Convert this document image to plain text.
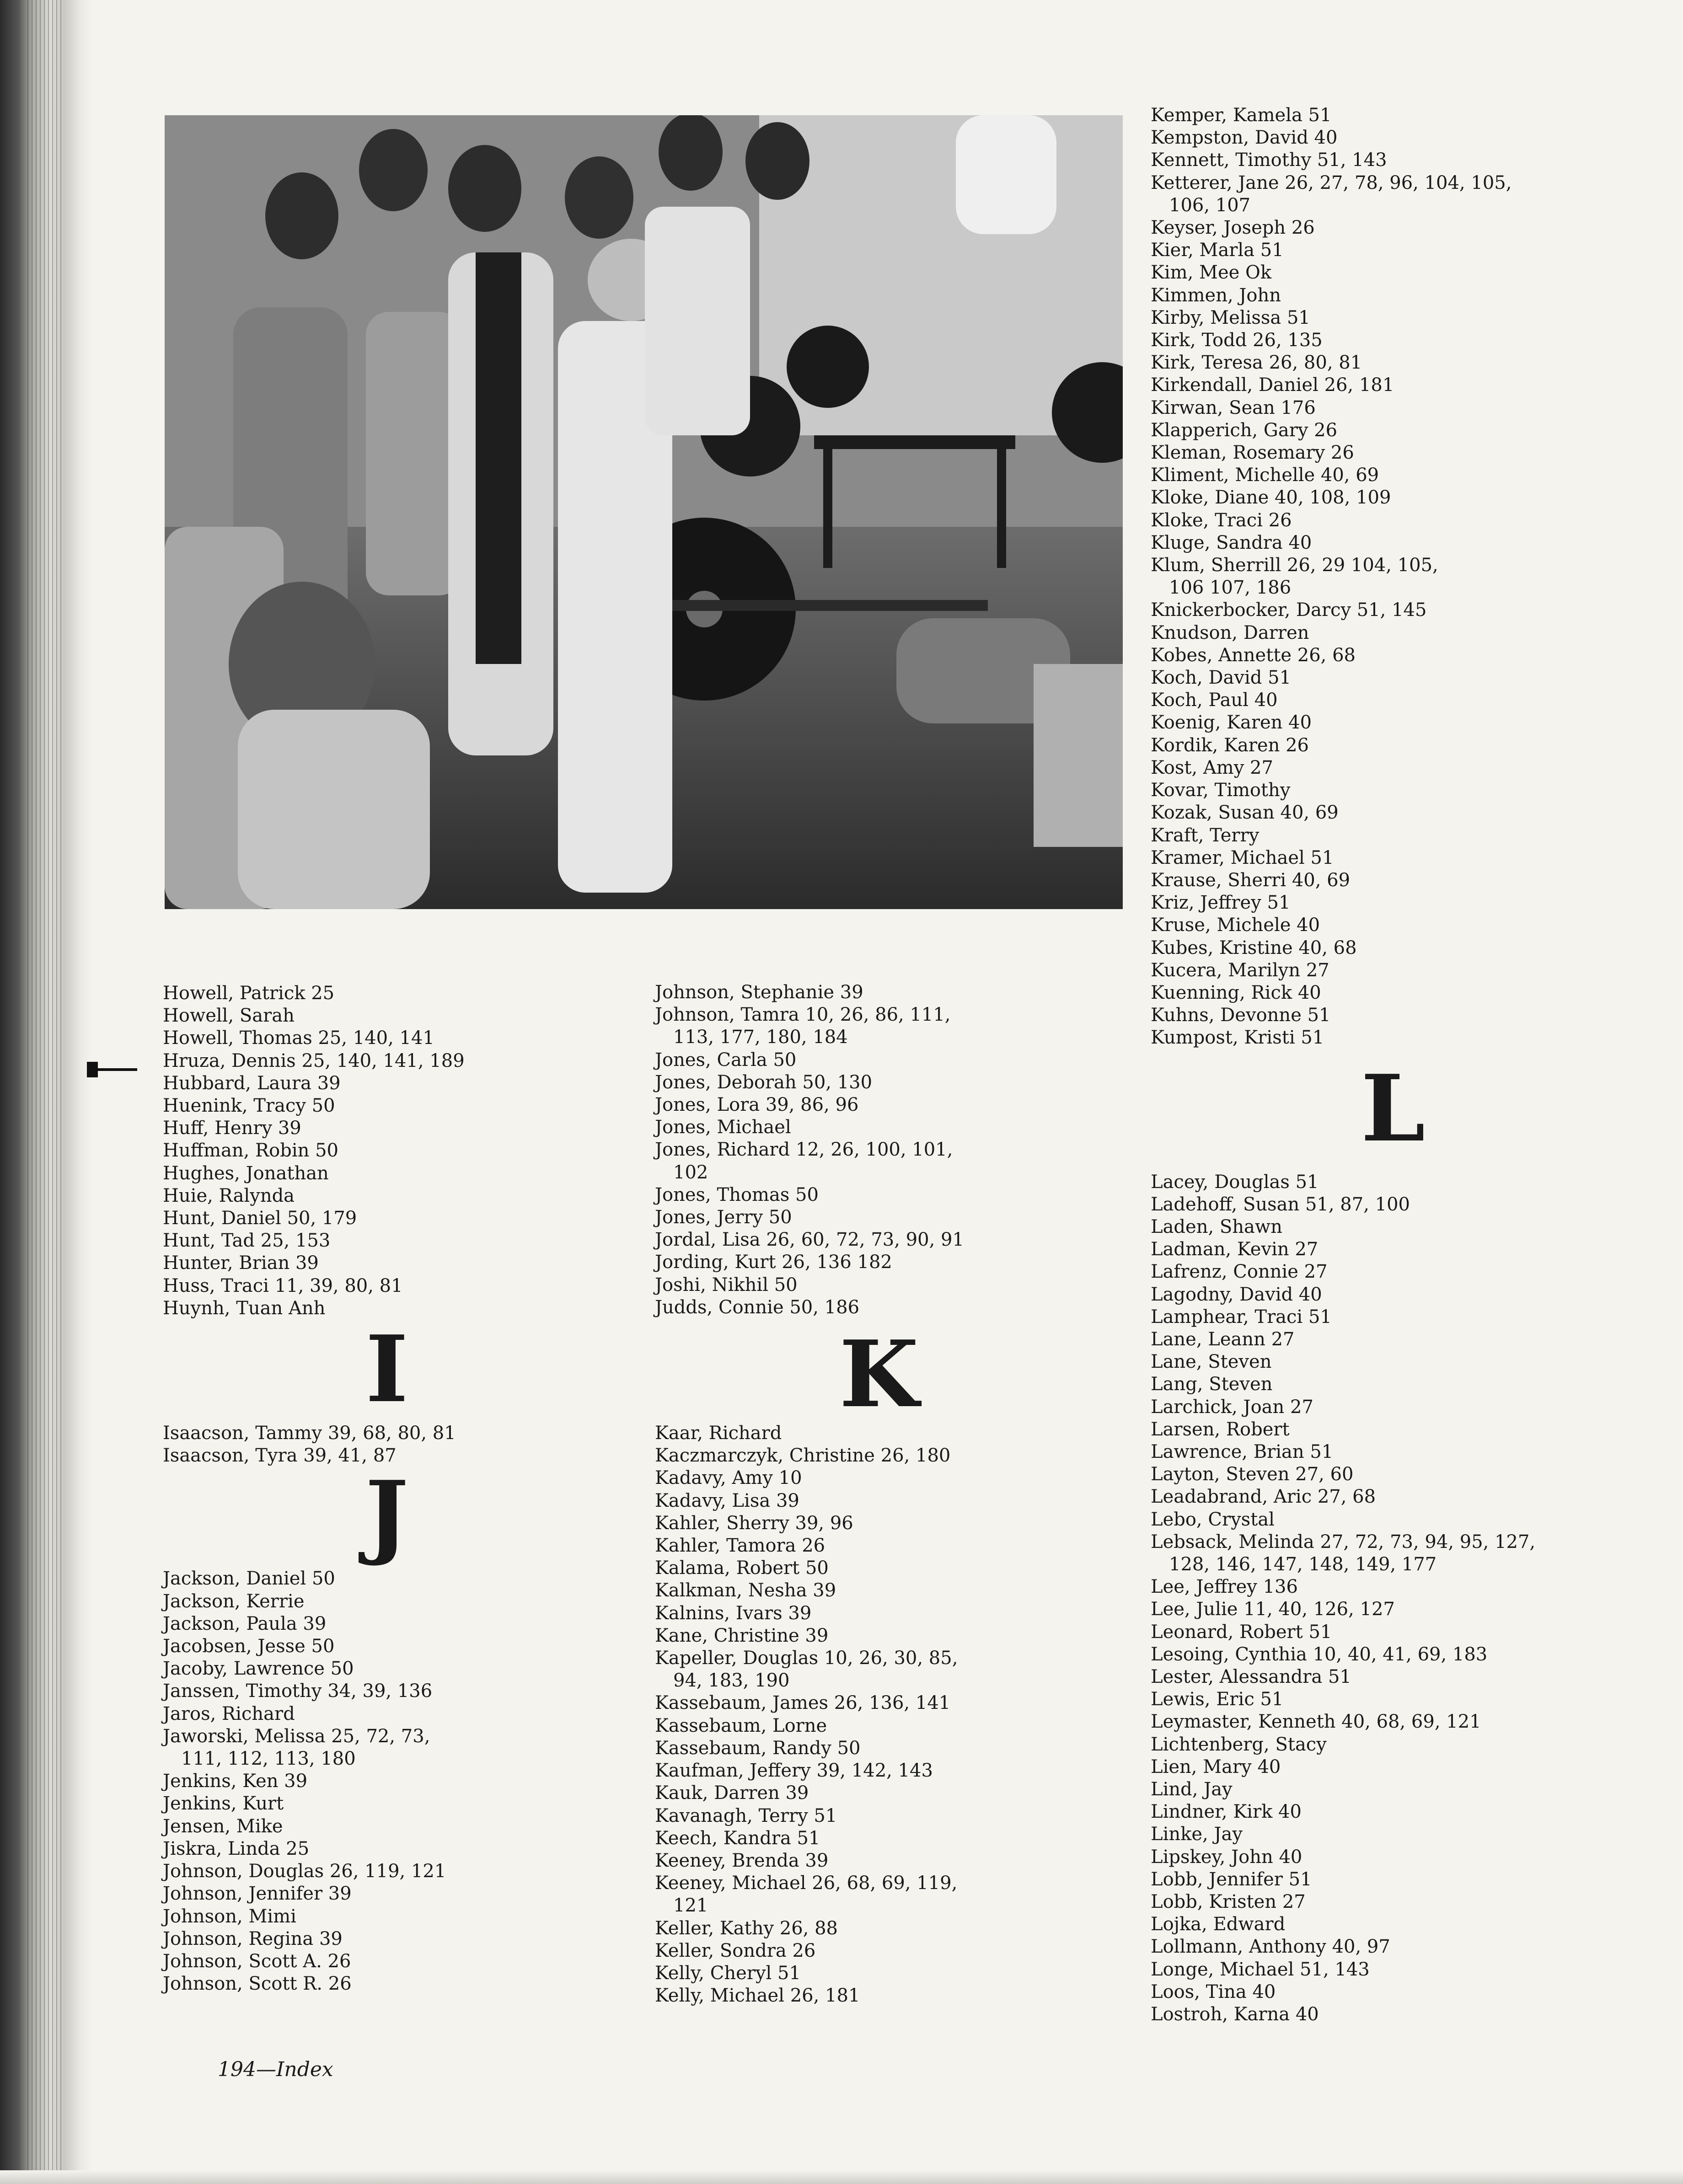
Howell, Patrick 25
Howell, Sarah
Howell, Thomas 25, 140, 141
Hruza, Dennis 25, 140, 141, 189
Hubbard, Laura 39
Huenink, Tracy 50
Huff, Henry 39
Huffman, Robin 50
Hughes, Jonathan
Huie, Ralynda
Hunt, Daniel 50, 179
Hunt, Tad 25, 153
Hunter, Brian 39
Huss, Traci 11, 39, 80, 81
Huynh, Tuan Anh
I
Isaacson, Tammy 39, 68, 80, 81
Isaacson, Tyra 39, 41, 87
J
Jackson, Daniel 50
Jackson, Kerrie
Jackson, Paula 39
Jacobsen, Jesse 50
Jacoby, Lawrence 50
Janssen, Timothy 34, 39, 136
Jaros, Richard
Jaworski, Melissa 25, 72, 73,
111, 112, 113, 180
Jenkins, Ken 39
Jenkins, Kurt
Jensen, Mike
Jiskra, Linda 25
Johnson, Douglas 26, 119, 121
Johnson, Jennifer 39
Johnson, Mimi
Johnson, Regina 39
Johnson, Scott A. 26
Johnson, Scott R. 26
Johnson, Stephanie 39
Johnson, Tamra 10, 26, 86, 111,
113, 177, 180, 184
Jones, Carla 50
Jones, Deborah 50, 130
Jones, Lora 39, 86, 96
Jones, Michael
Jones, Richard 12, 26, 100, 101,
102
Jones, Thomas 50
Jones, Jerry 50
Jordal, Lisa 26, 60, 72, 73, 90, 91
Jording, Kurt 26, 136 182
Joshi, Nikhil 50
Judds, Connie 50, 186
K
Kaar, Richard
Kaczmarczyk, Christine 26, 180
Kadavy, Amy 10
Kadavy, Lisa 39
Kahler, Sherry 39, 96
Kahler, Tamora 26
Kalama, Robert 50
Kalkman, Nesha 39
Kalnins, Ivars 39
Kane, Christine 39
Kapeller, Douglas 10, 26, 30, 85,
94, 183, 190
Kassebaum, James 26, 136, 141
Kassebaum, Lorne
Kassebaum, Randy 50
Kaufman, Jeffery 39, 142, 143
Kauk, Darren 39
Kavanagh, Terry 51
Keech, Kandra 51
Keeney, Brenda 39
Keeney, Michael 26, 68, 69, 119,
121
Keller, Kathy 26, 88
Keller, Sondra 26
Kelly, Cheryl 51
Kelly, Michael 26, 181
Kemper, Kamela 51
Kempston, David 40
Kennett, Timothy 51, 143
Ketterer, Jane 26, 27, 78, 96, 104, 105,
106, 107
Keyser, Joseph 26
Kier, Marla 51
Kim, Mee Ok
Kimmen, John
Kirby, Melissa 51
Kirk, Todd 26, 135
Kirk, Teresa 26, 80, 81
Kirkendall, Daniel 26, 181
Kirwan, Sean 176
Klapperich, Gary 26
Kleman, Rosemary 26
Kliment, Michelle 40, 69
Kloke, Diane 40, 108, 109
Kloke, Traci 26
Kluge, Sandra 40
Klum, Sherrill 26, 29 104, 105,
106 107, 186
Knickerbocker, Darcy 51, 145
Knudson, Darren
Kobes, Annette 26, 68
Koch, David 51
Koch, Paul 40
Koenig, Karen 40
Kordik, Karen 26
Kost, Amy 27
Kovar, Timothy
Kozak, Susan 40, 69
Kraft, Terry
Kramer, Michael 51
Krause, Sherri 40, 69
Kriz, Jeffrey 51
Kruse, Michele 40
Kubes, Kristine 40, 68
Kucera, Marilyn 27
Kuenning, Rick 40
Kuhns, Devonne 51
Kumpost, Kristi 51
L
Lacey, Douglas 51
Ladehoff, Susan 51, 87, 100
Laden, Shawn
Ladman, Kevin 27
Lafrenz, Connie 27
Lagodny, David 40
Lamphear, Traci 51
Lane, Leann 27
Lane, Steven
Lang, Steven
Larchick, Joan 27
Larsen, Robert
Lawrence, Brian 51
Layton, Steven 27, 60
Leadabrand, Aric 27, 68
Lebo, Crystal
Lebsack, Melinda 27, 72, 73, 94, 95, 127,
128, 146, 147, 148, 149, 177
Lee, Jeffrey 136
Lee, Julie 11, 40, 126, 127
Leonard, Robert 51
Lesoing, Cynthia 10, 40, 41, 69, 183
Lester, Alessandra 51
Lewis, Eric 51
Leymaster, Kenneth 40, 68, 69, 121
Lichtenberg, Stacy
Lien, Mary 40
Lind, Jay
Lindner, Kirk 40
Linke, Jay
Lipskey, John 40
Lobb, Jennifer 51
Lobb, Kristen 27
Lojka, Edward
Lollmann, Anthony 40, 97
Longe, Michael 51, 143
Loos, Tina 40
Lostroh, Karna 40
194—Index
